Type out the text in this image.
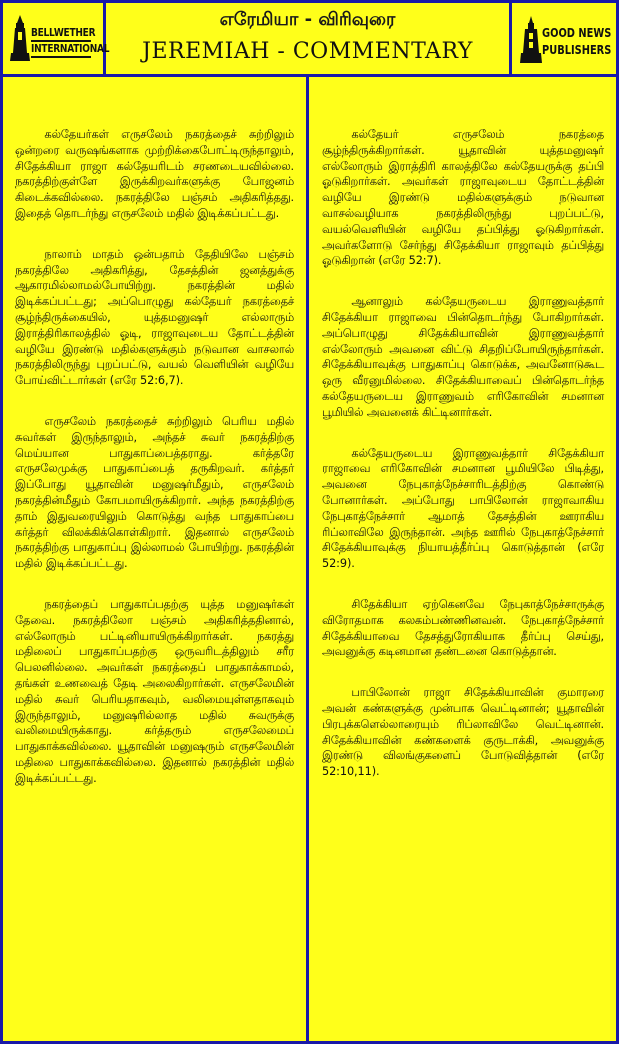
BELLWETHER
INTERNATIONAL
எரேமியா - விரிவுரை
JEREMIAH - COMMENTARY
GOOD NEWS
PUBLISHERS

கல்தேயர்கள் எருசலேம் நகரத்தைச் சுற்றிலும் ஒன்றரை வருஷங்களாக முற்றிக்கைபோட்டிருந்தாலும், சிதேக்கியா ராஜா கல்தேயரிடம் சரணடையவில்லை. நகரத்திற்குள்ளே இருக்கிறவர்களுக்கு போஜனம் கிடைக்கவில்லை. நகரத்திலே பஞ்சம் அதிகரித்தது. இதைத் தொடர்ந்து எருசலேம் மதில் இடிக்கப்பட்டது.

நாலாம் மாதம் ஒன்பதாம் தேதியிலே பஞ்சம் நகரத்திலே அதிகரித்து, தேசத்தின் ஜனத்துக்கு ஆகாரமில்லாமல்போயிற்று. நகரத்தின் மதில் இடிக்கப்பட்டது; அப்பொழுது கல்தேயர் நகரத்தைச் சூழ்ந்திருக்கையில், யுத்தமனுஷர் எல்லாரும் இராத்திரிகாலத்தில் ஓடி, ராஜாவுடைய தோட்டத்தின் வழியே இரண்டு மதில்களுக்கும் நடுவான வாசலால் நகரத்திலிருந்து புறப்பட்டு, வயல் வெளியின் வழியே போய்விட்டார்கள் (எரே 52:6,7).

எருசலேம் நகரத்தைச் சுற்றிலும் பெரிய மதில் சுவர்கள் இருந்தாலும், அந்தச் சுவர் நகரத்திற்கு மெய்யான பாதுகாப்பைத்தராது. கர்த்தரே எருசலேமுக்கு பாதுகாப்பைத் தருகிறவர். கர்த்தர் இப்போது யூதாவின் மனுஷர்மீதும், எருசலேம் நகரத்தின்மீதும் கோபமாயிருக்கிறார். அந்த நகரத்திற்கு தாம் இதுவரையிலும் கொடுத்து வந்த பாதுகாப்பை கர்த்தர் விலக்கிக்கொள்கிறார். இதனால் எருசலேம் நகரத்திற்கு பாதுகாப்பு இல்லாமல் போயிற்று. நகரத்தின் மதில் இடிக்கப்பட்டது.

நகரத்தைப் பாதுகாப்பதற்கு யுத்த மனுஷர்கள் தேவை. நகரத்திலோ பஞ்சம் அதிகரித்ததினால், எல்லோரும் பட்டினியாயிருக்கிறார்கள். நகரத்து மதிலைப் பாதுகாப்பதற்கு ஒருவரிடத்திலும் சரீர பெலனில்லை. அவர்கள் நகரத்தைப் பாதுகாக்காமல், தங்கள் உணவைத் தேடி அலைகிறார்கள். எருசலேமின் மதில் சுவர் பெரியதாகவும், வலிமையுள்ளதாகவும் இருந்தாலும், மனுஷரில்லாத மதில் சுவருக்கு வலிமையிருக்காது. கர்த்தரும் எருசலேமைப் பாதுகாக்கவில்லை. யூதாவின் மனுஷரும் எருசலேமின் மதிலை பாதுகாக்கவில்லை. இதனால் நகரத்தின் மதில் இடிக்கப்பட்டது.

கல்தேயர் எருசலேம் நகரத்தை சூழ்ந்திருக்கிறார்கள். யூதாவின் யுத்தமனுஷர் எல்லோரும் இராத்திரி காலத்திலே கல்தேயருக்கு தப்பி ஓடுகிறார்கள். அவர்கள் ராஜாவுடைய தோட்டத்தின் வழியே இரண்டு மதில்களுக்கும் நடுவான வாசல்வழியாக நகரத்திலிருந்து புறப்பட்டு, வயல்வெளியின் வழியே தப்பித்து ஓடுகிறார்கள். அவர்களோடு சேர்ந்து சிதேக்கியா ராஜாவும் தப்பித்து ஓடுகிறான் (எரே 52:7).

ஆனாலும் கல்தேயருடைய இராணுவத்தார் சிதேக்கியா ராஜாவை பின்தொடர்ந்து போகிறார்கள். அப்பொழுது சிதேக்கியாவின் இராணுவத்தார் எல்லோரும் அவனை விட்டு சிதறிப்போயிருந்தார்கள். சிதேக்கியாவுக்கு பாதுகாப்பு கொடுக்க, அவனோடுகூட ஒரு வீரனுமில்லை. சிதேக்கியாவைப் பின்தொடர்ந்த கல்தேயருடைய இராணுவம் எரிகோவின் சமனான பூமியில் அவனைக் கிட்டினார்கள்.

கல்தேயருடைய இராணுவத்தார் சிதேக்கியா ராஜாவை எரிகோவின் சமனான பூமியிலே பிடித்து, அவனை நேபுகாத்நேச்சாரிடத்திற்கு கொண்டு போனார்கள். அப்போது பாபிலோன் ராஜாவாகிய நேபுகாத்நேச்சார் ஆமாத் தேசத்தின் ஊராகிய ரிப்லாவிலே இருந்தான். அந்த ஊரில் நேபுகாத்நேச்சார் சிதேக்கியாவுக்கு நியாயத்தீர்ப்பு கொடுத்தான் (எரே 52:9).

சிதேக்கியா ஏற்கெனவே நேபுகாத்நேச்சாருக்கு விரோதமாக கலகம்பண்ணினவன். நேபுகாத்நேச்சார் சிதேக்கியாவை தேசத்துரோகியாக தீர்ப்பு செய்து, அவனுக்கு கடினமான தண்டனை கொடுத்தான்.

பாபிலோன் ராஜா சிதேக்கியாவின் குமாரரை அவன் கண்களுக்கு முன்பாக வெட்டினான்; யூதாவின் பிரபுக்களெல்லாரையும் ரிப்லாவிலே வெட்டினான். சிதேக்கியாவின் கண்களைக் குருடாக்கி, அவனுக்கு இரண்டு விலங்குகளைப் போடுவித்தான் (எரே 52:10,11).
